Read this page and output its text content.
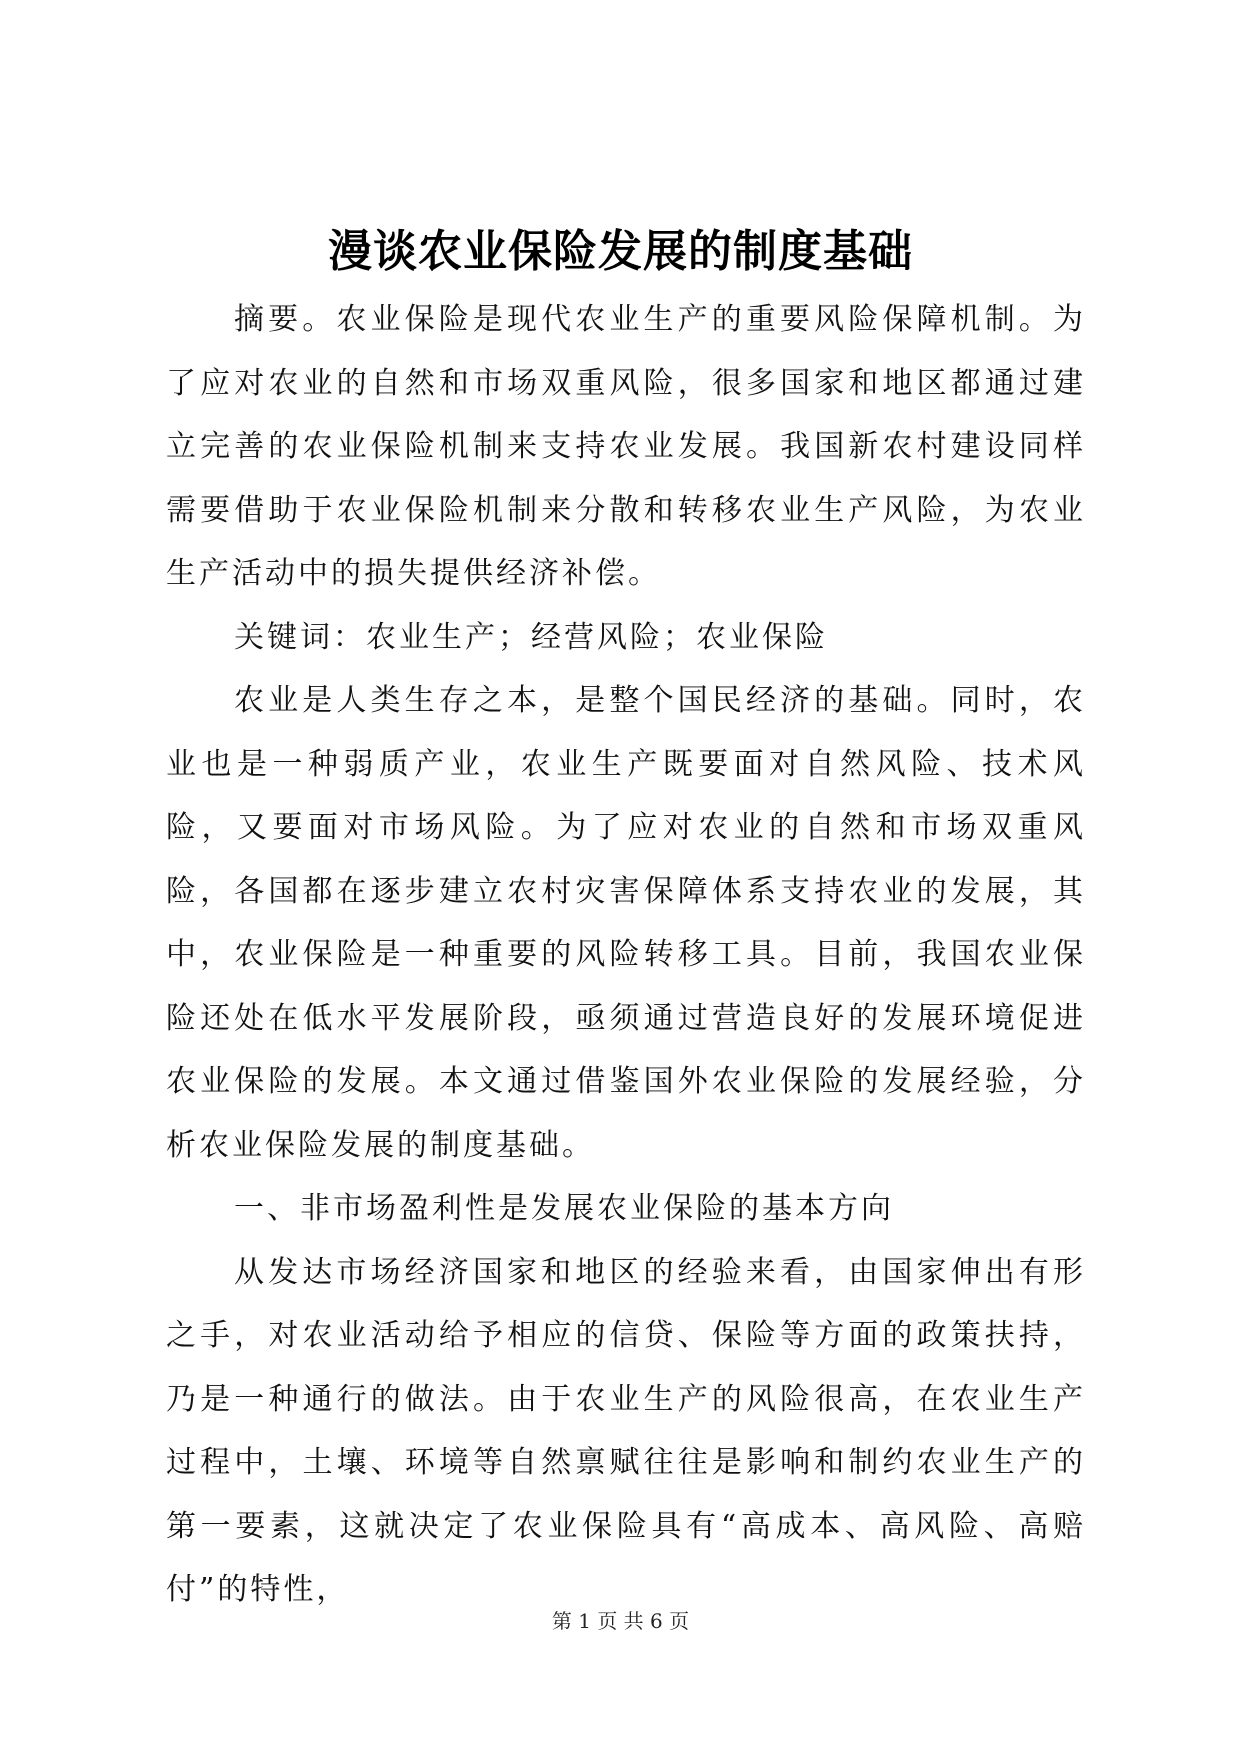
漫谈农业保险发展的制度基础

摘要。农业保险是现代农业生产的重要风险保障机制。为了应对农业的自然和市场双重风险，很多国家和地区都通过建立完善的农业保险机制来支持农业发展。我国新农村建设同样需要借助于农业保险机制来分散和转移农业生产风险，为农业生产活动中的损失提供经济补偿。

关键词：农业生产；经营风险；农业保险

农业是人类生存之本，是整个国民经济的基础。同时，农业也是一种弱质产业，农业生产既要面对自然风险、技术风险，又要面对市场风险。为了应对农业的自然和市场双重风险，各国都在逐步建立农村灾害保障体系支持农业的发展，其中，农业保险是一种重要的风险转移工具。目前，我国农业保险还处在低水平发展阶段，亟须通过营造良好的发展环境促进农业保险的发展。本文通过借鉴国外农业保险的发展经验，分析农业保险发展的制度基础。

一、非市场盈利性是发展农业保险的基本方向

从发达市场经济国家和地区的经验来看，由国家伸出有形之手，对农业活动给予相应的信贷、保险等方面的政策扶持，乃是一种通行的做法。由于农业生产的风险很高，在农业生产过程中，土壤、环境等自然禀赋往往是影响和制约农业生产的第一要素，这就决定了农业保险具有“高成本、高风险、高赔付”的特性，

第 1 页 共 6 页
